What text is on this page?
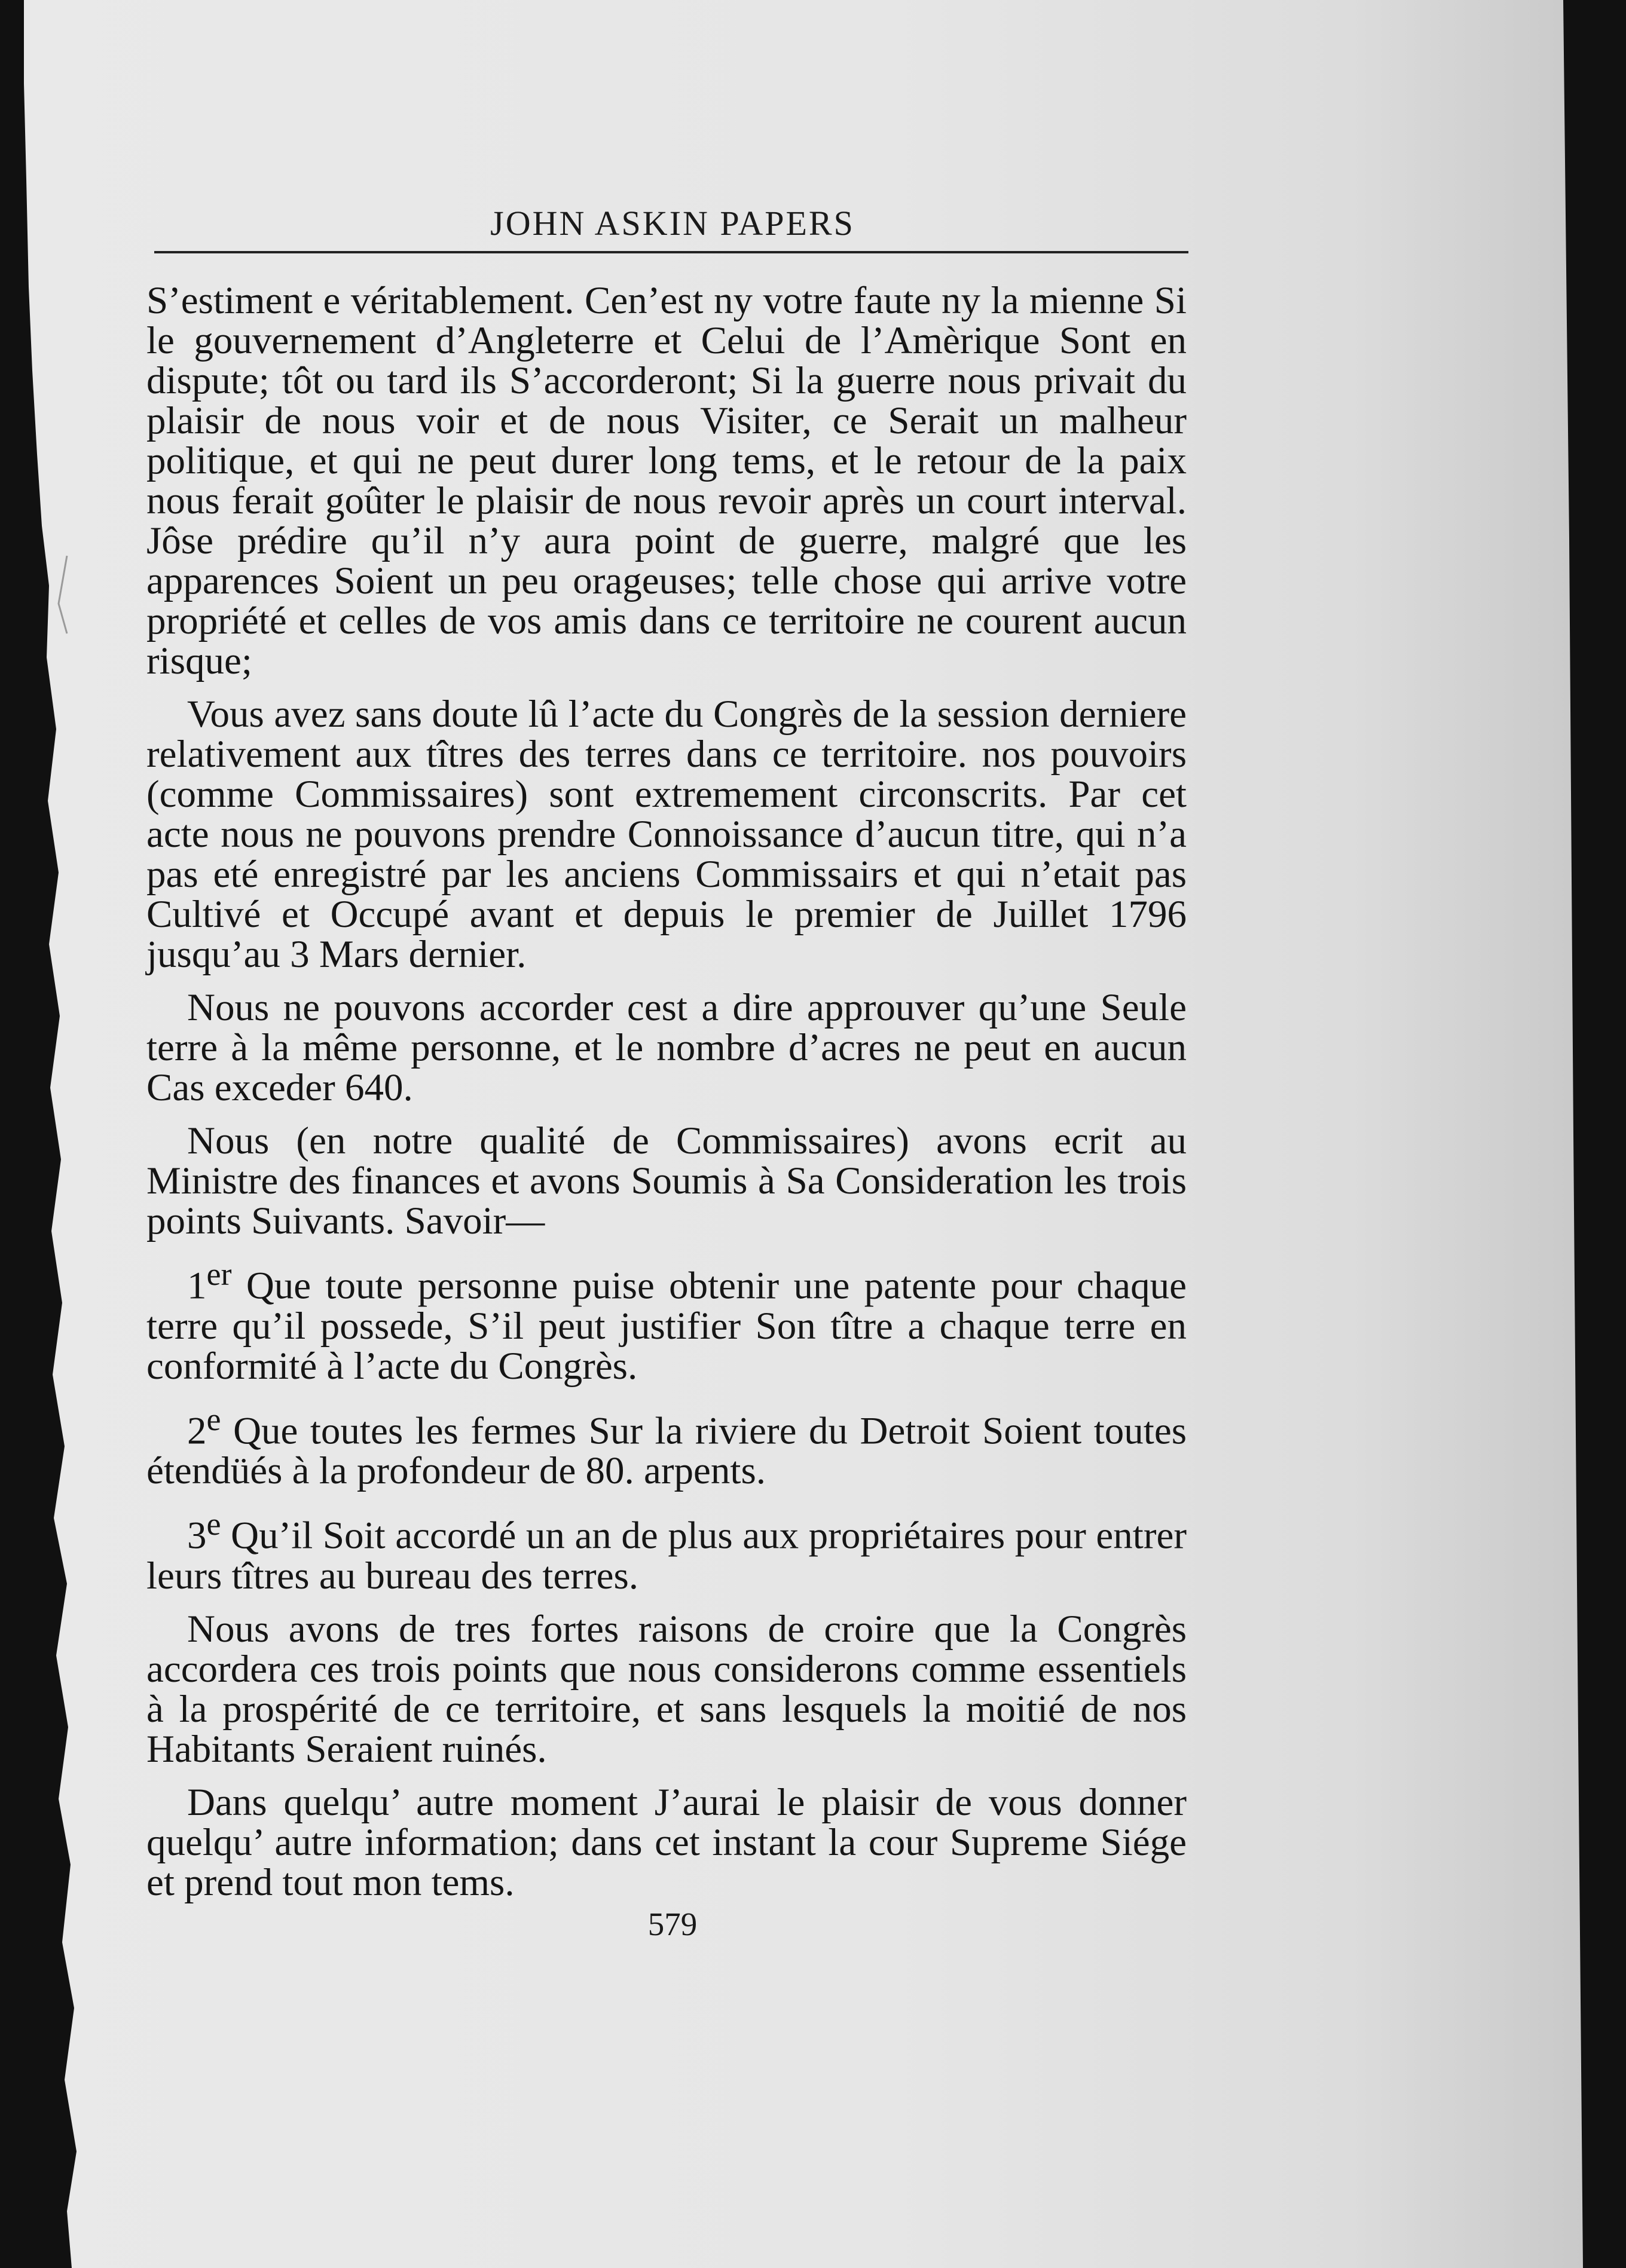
JOHN ASKIN PAPERS

S’estiment e véritablement. Cen’est ny votre faute ny la mienne Si le gouvernement d’Angleterre et Celui de l’Amèrique Sont en dispute; tôt ou tard ils S’accorderont; Si la guerre nous privait du plaisir de nous voir et de nous Visiter, ce Serait un malheur politique, et qui ne peut durer long tems, et le retour de la paix nous ferait goûter le plaisir de nous revoir après un court interval. Jôse prédire qu’il n’y aura point de guerre, malgré que les apparences Soient un peu orageuses; telle chose qui arrive votre propriété et celles de vos amis dans ce territoire ne courent aucun risque;

Vous avez sans doute lû l’acte du Congrès de la session derniere relativement aux tîtres des terres dans ce territoire. nos pouvoirs (comme Commissaires) sont extremement circonscrits. Par cet acte nous ne pouvons prendre Connoissance d’aucun titre, qui n’a pas eté enregistré par les anciens Commissairs et qui n’etait pas Cultivé et Occupé avant et depuis le premier de Juillet 1796 jusqu’au 3 Mars dernier.

Nous ne pouvons accorder cest a dire approuver qu’une Seule terre à la même personne, et le nombre d’acres ne peut en aucun Cas exceder 640.

Nous (en notre qualité de Commissaires) avons ecrit au Ministre des finances et avons Soumis à Sa Consideration les trois points Suivants. Savoir—

1er Que toute personne puise obtenir une patente pour chaque terre qu’il possede, S’il peut justifier Son tître a chaque terre en conformité à l’acte du Congrès.

2e Que toutes les fermes Sur la riviere du Detroit Soient toutes étendüés à la profondeur de 80. arpents.

3e Qu’il Soit accordé un an de plus aux propriétaires pour entrer leurs tîtres au bureau des terres.

Nous avons de tres fortes raisons de croire que la Congrès accordera ces trois points que nous considerons comme essentiels à la prospérité de ce territoire, et sans lesquels la moitié de nos Habitants Seraient ruinés.

Dans quelqu’ autre moment J’aurai le plaisir de vous donner quelqu’ autre information; dans cet instant la cour Supreme Siége et prend tout mon tems.

579
